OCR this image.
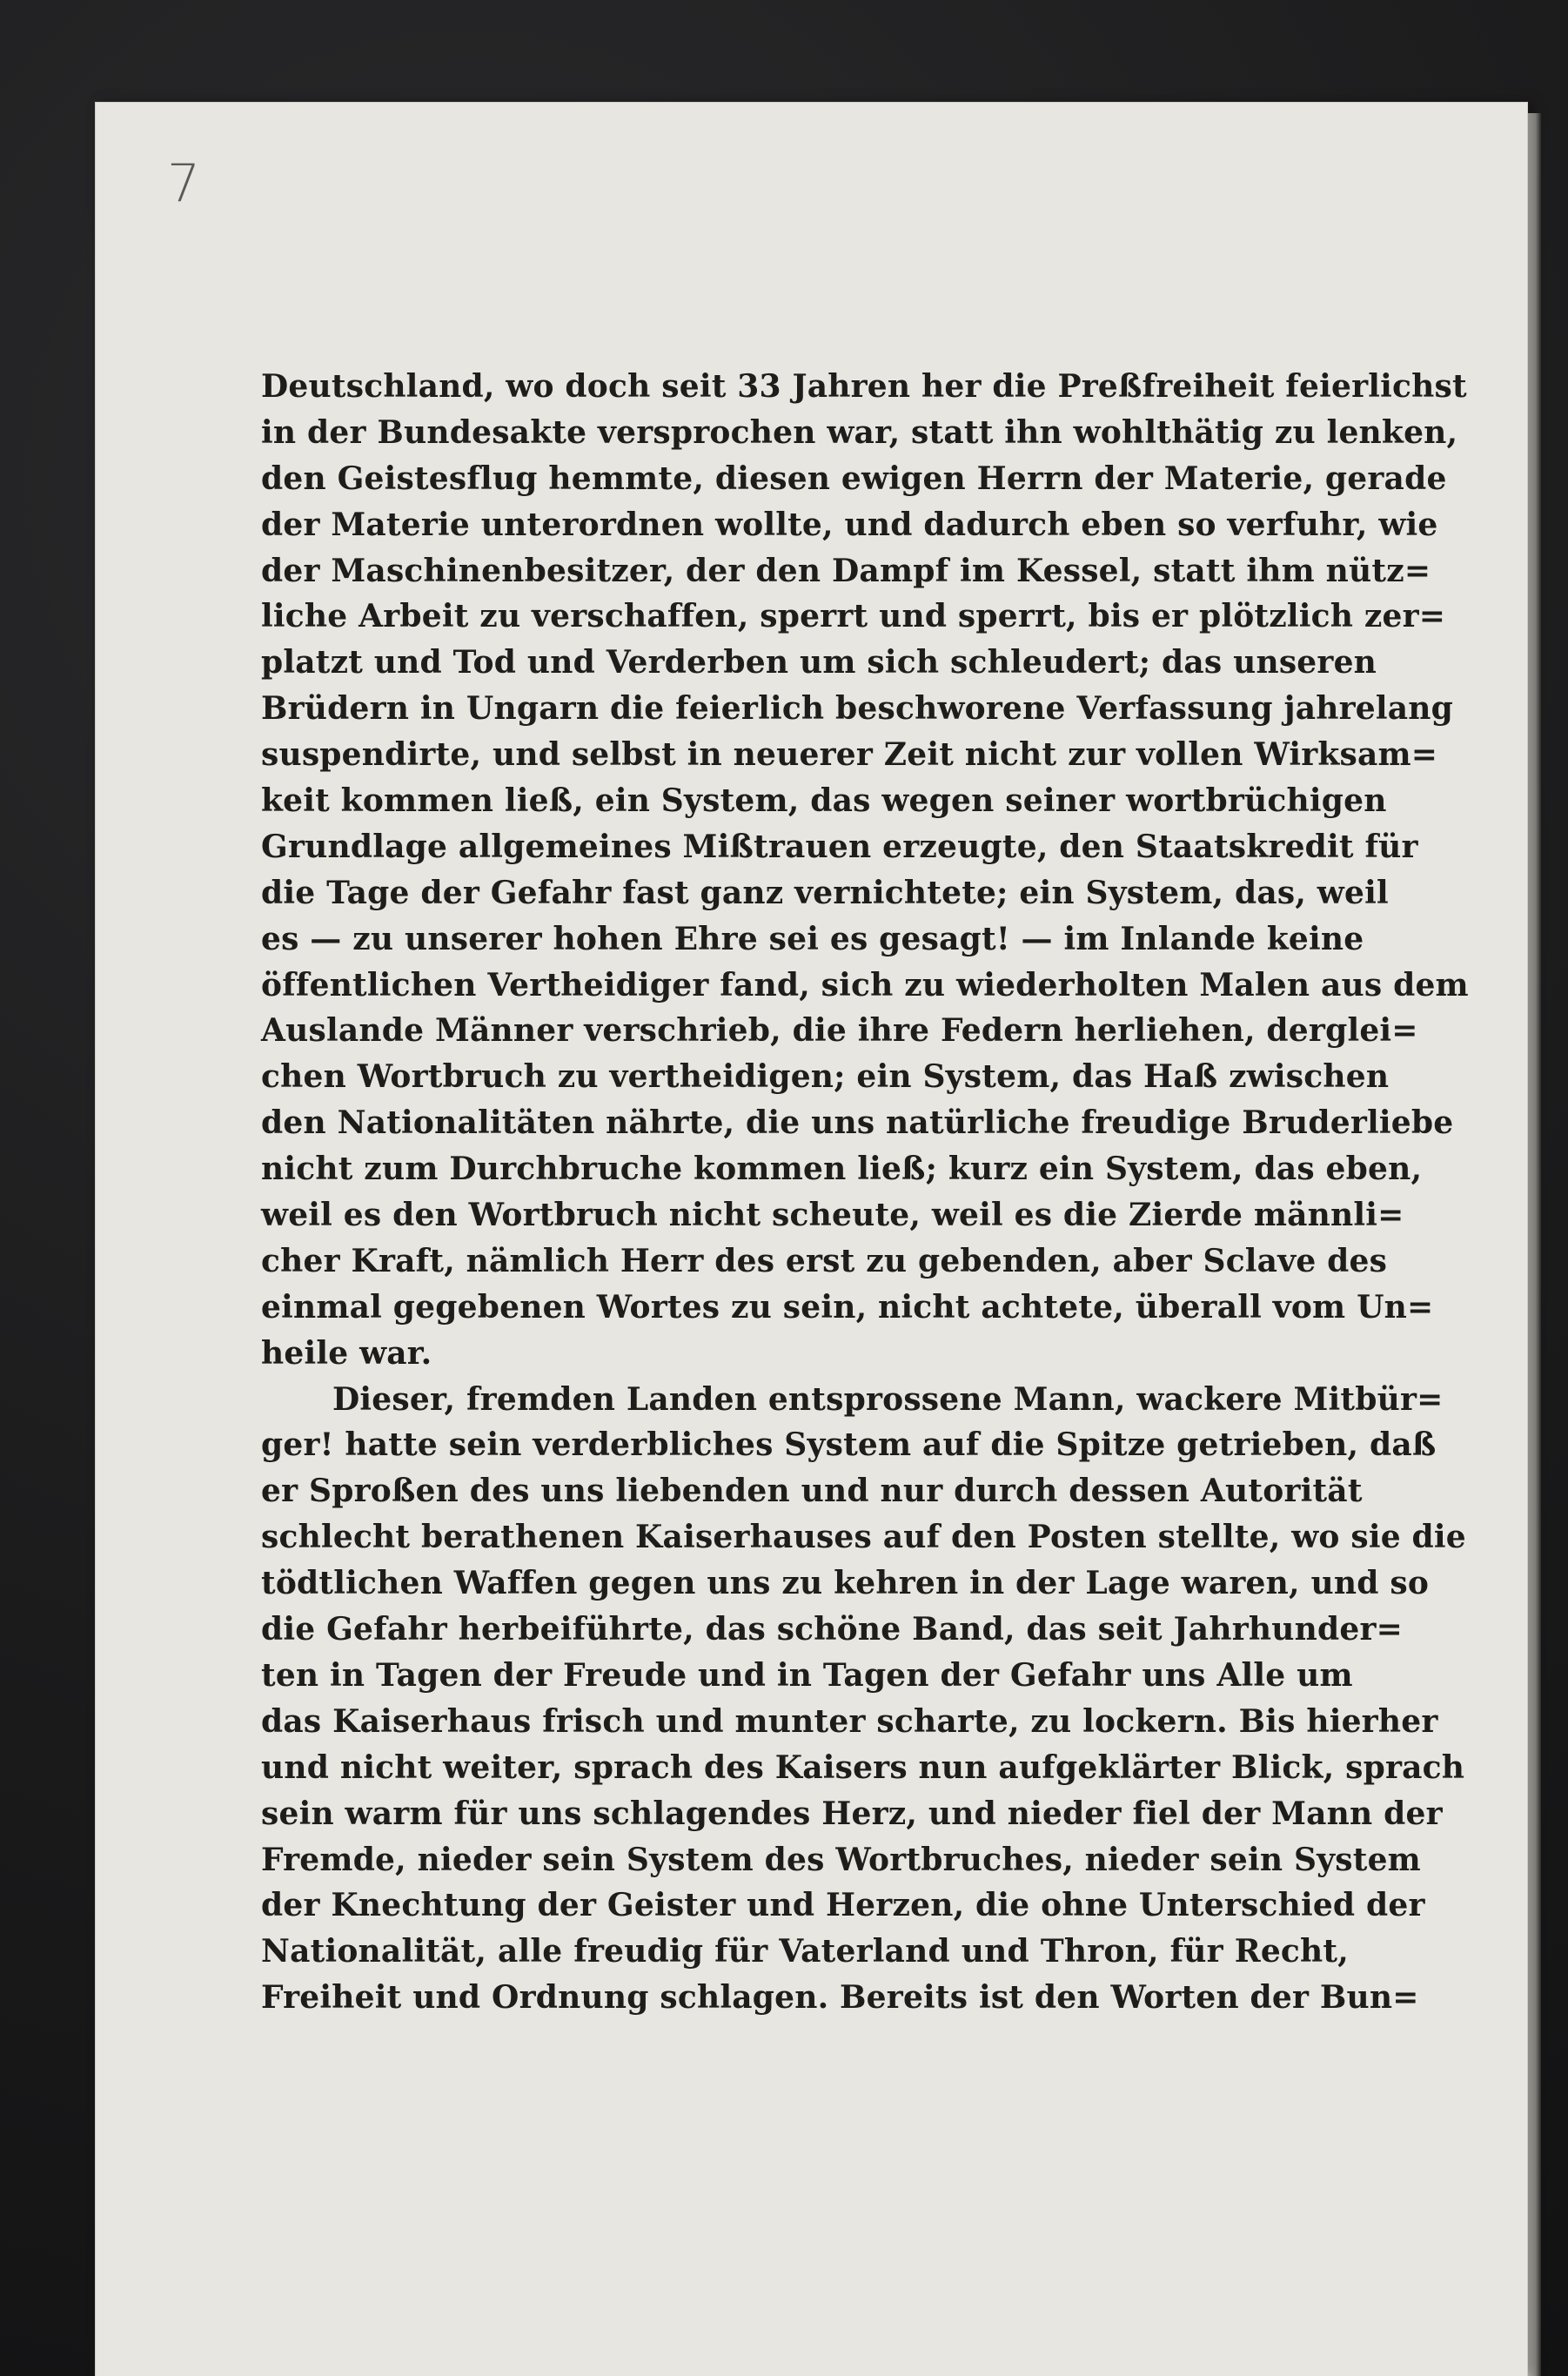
7
Deutschland, wo doch seit 33 Jahren her die Preßfreiheit feierlichst
in der Bundesakte versprochen war, statt ihn wohlthätig zu lenken,
den Geistesflug hemmte, diesen ewigen Herrn der Materie, gerade
der Materie unterordnen wollte, und dadurch eben so verfuhr, wie
der Maschinenbesitzer, der den Dampf im Kessel, statt ihm nütz=
liche Arbeit zu verschaffen, sperrt und sperrt, bis er plötzlich zer=
platzt und Tod und Verderben um sich schleudert; das unseren
Brüdern in Ungarn die feierlich beschworene Verfassung jahrelang
suspendirte, und selbst in neuerer Zeit nicht zur vollen Wirksam=
keit kommen ließ, ein System, das wegen seiner wortbrüchigen
Grundlage allgemeines Mißtrauen erzeugte, den Staatskredit für
die Tage der Gefahr fast ganz vernichtete; ein System, das, weil
es — zu unserer hohen Ehre sei es gesagt! — im Inlande keine
öffentlichen Vertheidiger fand, sich zu wiederholten Malen aus dem
Auslande Männer verschrieb, die ihre Federn herliehen, derglei=
chen Wortbruch zu vertheidigen; ein System, das Haß zwischen
den Nationalitäten nährte, die uns natürliche freudige Bruderliebe
nicht zum Durchbruche kommen ließ; kurz ein System, das eben,
weil es den Wortbruch nicht scheute, weil es die Zierde männli=
cher Kraft, nämlich Herr des erst zu gebenden, aber Sclave des
einmal gegebenen Wortes zu sein, nicht achtete, überall vom Un=
heile war.
Dieser, fremden Landen entsprossene Mann, wackere Mitbür=
ger! hatte sein verderbliches System auf die Spitze getrieben, daß
er Sproßen des uns liebenden und nur durch dessen Autorität
schlecht berathenen Kaiserhauses auf den Posten stellte, wo sie die
tödtlichen Waffen gegen uns zu kehren in der Lage waren, und so
die Gefahr herbeiführte, das schöne Band, das seit Jahrhunder=
ten in Tagen der Freude und in Tagen der Gefahr uns Alle um
das Kaiserhaus frisch und munter scharte, zu lockern. Bis hierher
und nicht weiter, sprach des Kaisers nun aufgeklärter Blick, sprach
sein warm für uns schlagendes Herz, und nieder fiel der Mann der
Fremde, nieder sein System des Wortbruches, nieder sein System
der Knechtung der Geister und Herzen, die ohne Unterschied der
Nationalität, alle freudig für Vaterland und Thron, für Recht,
Freiheit und Ordnung schlagen. Bereits ist den Worten der Bun=
